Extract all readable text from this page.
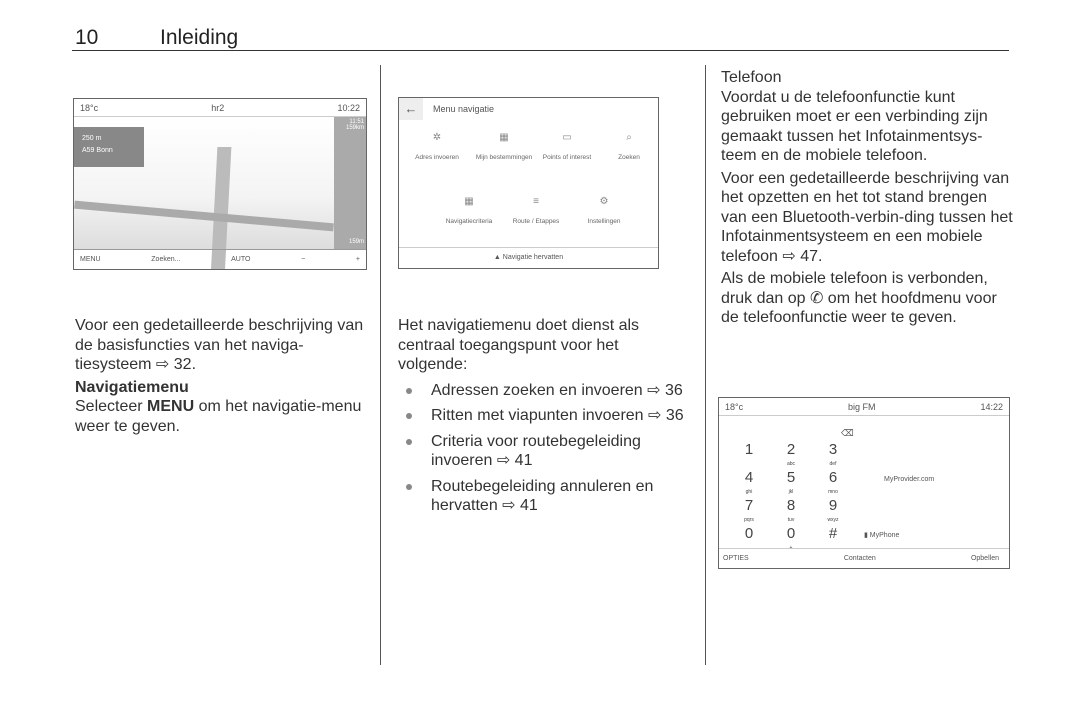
10	Inleiding
18°c	hr2	10:22
250 m
A59 Bonn
11:51
159km
159m
MENU	Zoeken...	AUTO	−	+

Voor een gedetailleerde beschrijving van de basisfuncties van het naviga-tiesysteem ⇨ 32.

Navigatiemenu

Selecteer MENU om het navigatie-menu weer te geven.

←	Menu navigatie
✲
Adres invoeren
▦
Mijn bestemmingen
▭
Points of interest
⌕
Zoeken
▦
Navigatiecriteria
≡
Route / Etappes
⚙
Instellingen
▲ Navigatie hervatten

Het navigatiemenu doet dienst als centraal toegangspunt voor het volgende:

Adressen zoeken en invoeren ⇨ 36
Ritten met viapunten invoeren ⇨ 36
Criteria voor routebegeleiding invoeren ⇨ 41
Routebegeleiding annuleren en hervatten ⇨ 41
Telefoon

Voordat u de telefoonfunctie kunt gebruiken moet er een verbinding zijn gemaakt tussen het Infotainmentsys-teem en de mobiele telefoon.

Voor een gedetailleerde beschrijving van het opzetten en het tot stand brengen van een Bluetooth-verbin-ding tussen het Infotainmentsysteem en een mobiele telefoon ⇨ 47.

Als de mobiele telefoon is verbonden, druk dan op ✆ om het hoofdmenu voor de telefoonfunctie weer te geven.

18°c	big FM	14:22
⌫
1 2
abc
3
def
4
ghi
5
jkl
6
mno
7
pqrs
8
tuv
9
wxyz
0 0
+
#
MyProvider.com
▮ MyPhone
OPTIES	Contacten	Opbellen
